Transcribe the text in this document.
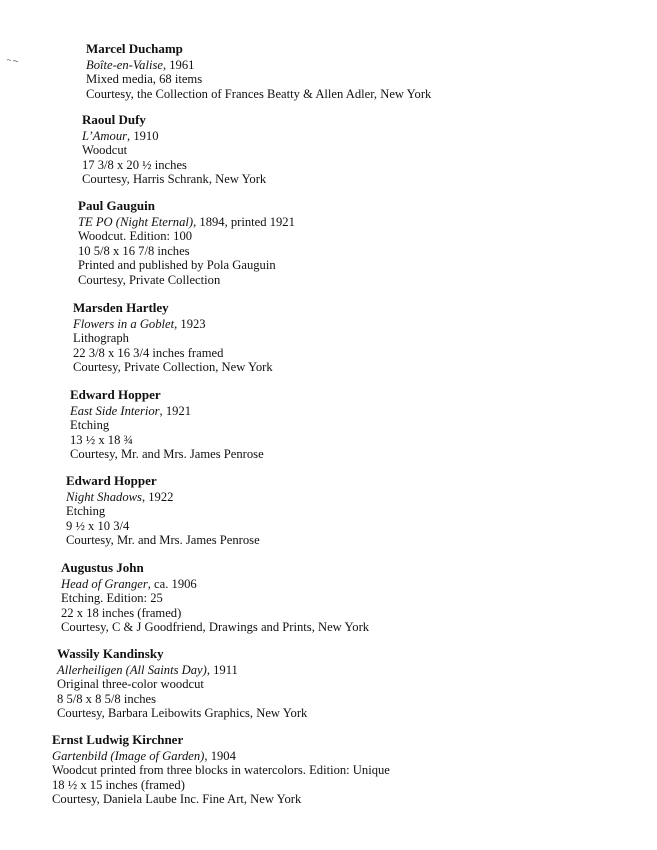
Marcel Duchamp
Boîte-en-Valise, 1961
Mixed media, 68 items
Courtesy, the Collection of Frances Beatty & Allen Adler, New York
Raoul Dufy
L’Amour, 1910
Woodcut
17 3/8 x 20 ½ inches
Courtesy, Harris Schrank, New York
Paul Gauguin
TE PO (Night Eternal), 1894, printed 1921
Woodcut. Edition: 100
10 5/8 x 16 7/8 inches
Printed and published by Pola Gauguin
Courtesy, Private Collection
Marsden Hartley
Flowers in a Goblet, 1923
Lithograph
22 3/8 x 16 3/4 inches framed
Courtesy, Private Collection, New York
Edward Hopper
East Side Interior, 1921
Etching
13 ½ x 18 ¾
Courtesy, Mr. and Mrs. James Penrose
Edward Hopper
Night Shadows, 1922
Etching
9 ½ x 10 3/4
Courtesy, Mr. and Mrs. James Penrose
Augustus John
Head of Granger, ca. 1906
Etching. Edition: 25
22 x 18 inches (framed)
Courtesy, C & J Goodfriend, Drawings and Prints, New York
Wassily Kandinsky
Allerheiligen (All Saints Day), 1911
Original three-color woodcut
8 5/8 x 8 5/8 inches
Courtesy, Barbara Leibowits Graphics, New York
Ernst Ludwig Kirchner
Gartenbild (Image of Garden), 1904
Woodcut printed from three blocks in watercolors. Edition: Unique
18 ½ x 15 inches (framed)
Courtesy, Daniela Laube Inc. Fine Art, New York
